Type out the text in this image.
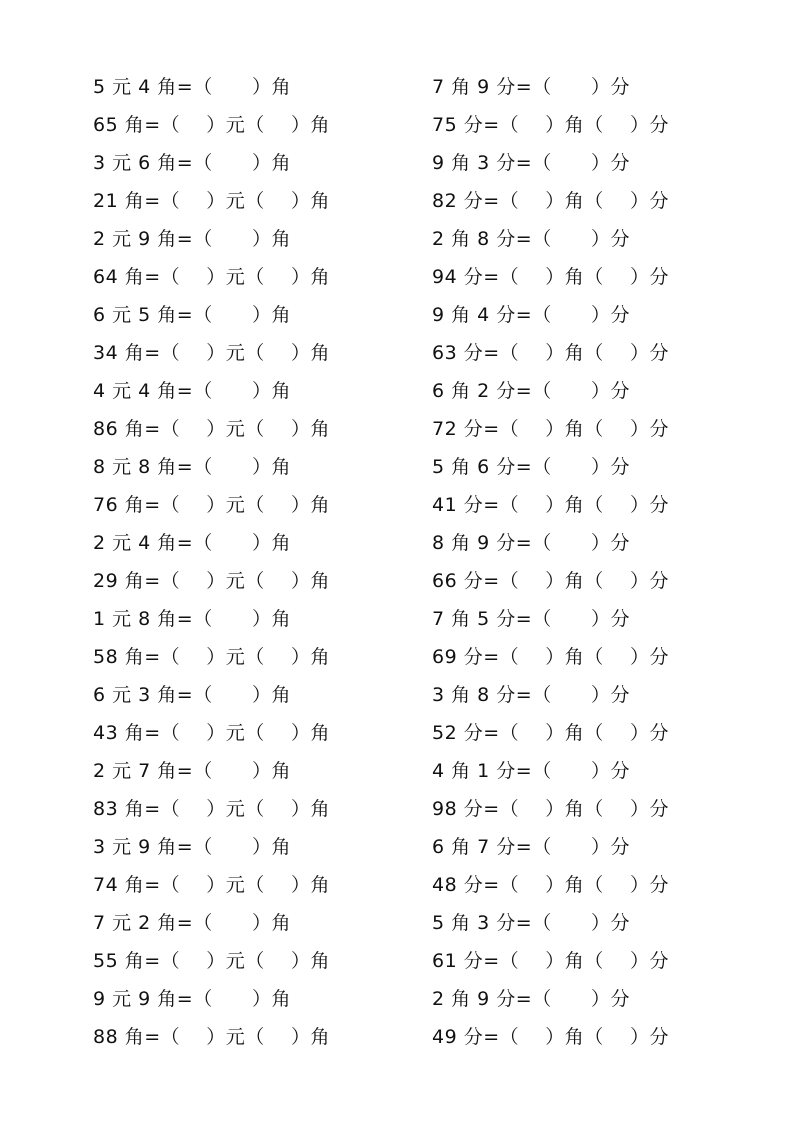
5 元 4 角=（      ）角	7 角 9 分=（      ）分
65 角=（    ）元（    ）角	75 分=（    ）角（    ）分
3 元 6 角=（      ）角	9 角 3 分=（      ）分
21 角=（    ）元（    ）角	82 分=（    ）角（    ）分
2 元 9 角=（      ）角	2 角 8 分=（      ）分
64 角=（    ）元（    ）角	94 分=（    ）角（    ）分
6 元 5 角=（      ）角	9 角 4 分=（      ）分
34 角=（    ）元（    ）角	63 分=（    ）角（    ）分
4 元 4 角=（      ）角	6 角 2 分=（      ）分
86 角=（    ）元（    ）角	72 分=（    ）角（    ）分
8 元 8 角=（      ）角	5 角 6 分=（      ）分
76 角=（    ）元（    ）角	41 分=（    ）角（    ）分
2 元 4 角=（      ）角	8 角 9 分=（      ）分
29 角=（    ）元（    ）角	66 分=（    ）角（    ）分
1 元 8 角=（      ）角	7 角 5 分=（      ）分
58 角=（    ）元（    ）角	69 分=（    ）角（    ）分
6 元 3 角=（      ）角	3 角 8 分=（      ）分
43 角=（    ）元（    ）角	52 分=（    ）角（    ）分
2 元 7 角=（      ）角	4 角 1 分=（      ）分
83 角=（    ）元（    ）角	98 分=（    ）角（    ）分
3 元 9 角=（      ）角	6 角 7 分=（      ）分
74 角=（    ）元（    ）角	48 分=（    ）角（    ）分
7 元 2 角=（      ）角	5 角 3 分=（      ）分
55 角=（    ）元（    ）角	61 分=（    ）角（    ）分
9 元 9 角=（      ）角	2 角 9 分=（      ）分
88 角=（    ）元（    ）角	49 分=（    ）角（    ）分
